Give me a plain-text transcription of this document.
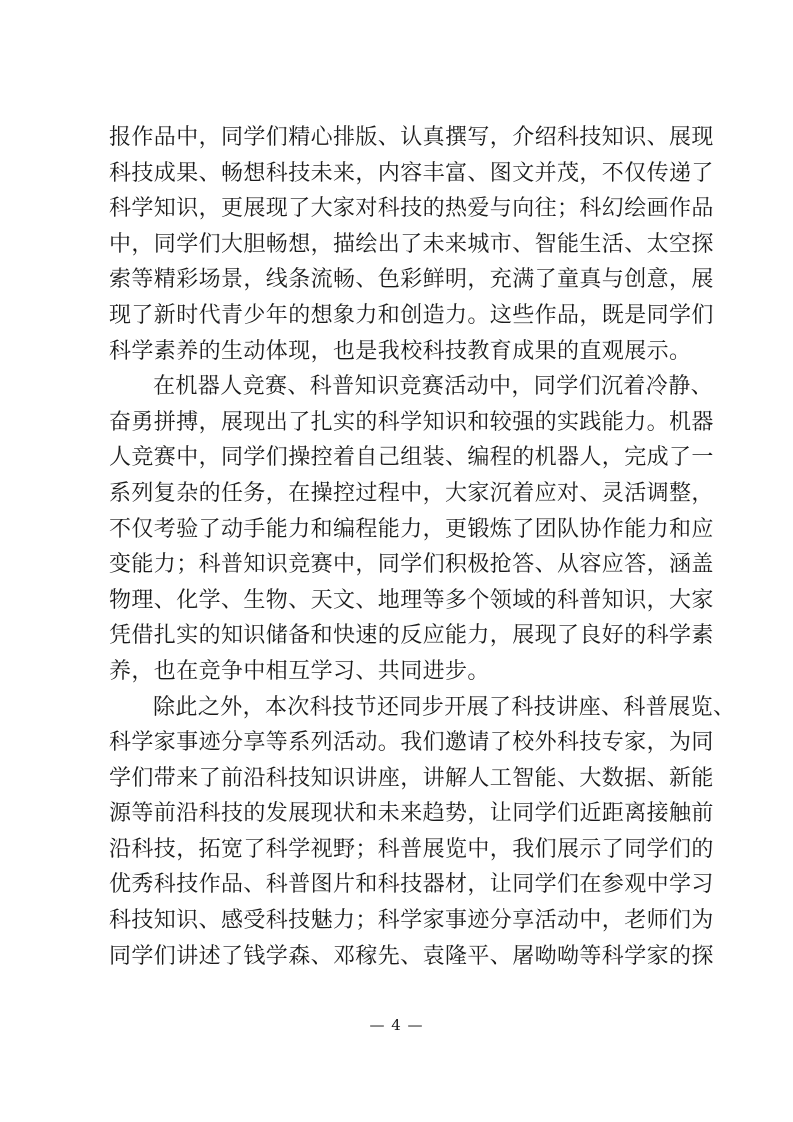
报作品中，同学们精心排版、认真撰写，介绍科技知识、展现
科技成果、畅想科技未来，内容丰富、图文并茂，不仅传递了
科学知识，更展现了大家对科技的热爱与向往；科幻绘画作品
中，同学们大胆畅想，描绘出了未来城市、智能生活、太空探
索等精彩场景，线条流畅、色彩鲜明，充满了童真与创意，展
现了新时代青少年的想象力和创造力。这些作品，既是同学们
科学素养的生动体现，也是我校科技教育成果的直观展示。
在机器人竞赛、科普知识竞赛活动中，同学们沉着冷静、
奋勇拼搏，展现出了扎实的科学知识和较强的实践能力。机器
人竞赛中，同学们操控着自己组装、编程的机器人，完成了一
系列复杂的任务，在操控过程中，大家沉着应对、灵活调整，
不仅考验了动手能力和编程能力，更锻炼了团队协作能力和应
变能力；科普知识竞赛中，同学们积极抢答、从容应答，涵盖
物理、化学、生物、天文、地理等多个领域的科普知识，大家
凭借扎实的知识储备和快速的反应能力，展现了良好的科学素
养，也在竞争中相互学习、共同进步。
除此之外，本次科技节还同步开展了科技讲座、科普展览、
科学家事迹分享等系列活动。我们邀请了校外科技专家，为同
学们带来了前沿科技知识讲座，讲解人工智能、大数据、新能
源等前沿科技的发展现状和未来趋势，让同学们近距离接触前
沿科技，拓宽了科学视野；科普展览中，我们展示了同学们的
优秀科技作品、科普图片和科技器材，让同学们在参观中学习
科技知识、感受科技魅力；科学家事迹分享活动中，老师们为
同学们讲述了钱学森、邓稼先、袁隆平、屠呦呦等科学家的探
— 4 —
